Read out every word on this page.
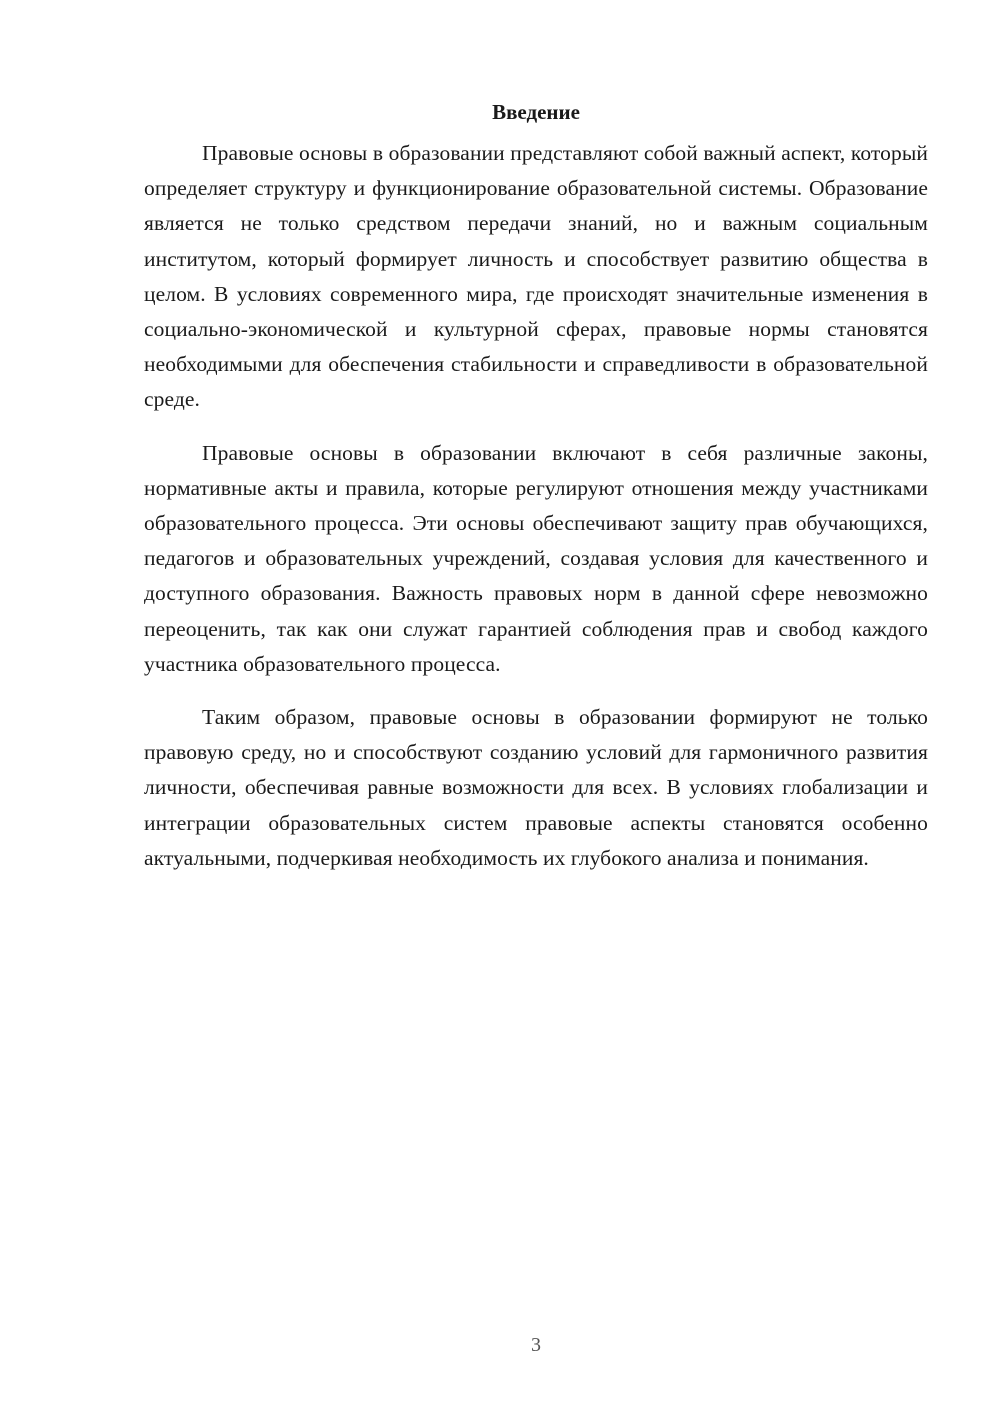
Введение

Правовые основы в образовании представляют собой важный аспект, который определяет структуру и функционирование образовательной системы. Образование является не только средством передачи знаний, но и важным социальным институтом, который формирует личность и способствует развитию общества в целом. В условиях современного мира, где происходят значительные изменения в социально-экономической и культурной сферах, правовые нормы становятся необходимыми для обеспечения стабильности и справедливости в образовательной среде.

Правовые основы в образовании включают в себя различные законы, нормативные акты и правила, которые регулируют отношения между участниками образовательного процесса. Эти основы обеспечивают защиту прав обучающихся, педагогов и образовательных учреждений, создавая условия для качественного и доступного образования. Важность правовых норм в данной сфере невозможно переоценить, так как они служат гарантией соблюдения прав и свобод каждого участника образовательного процесса.

Таким образом, правовые основы в образовании формируют не только правовую среду, но и способствуют созданию условий для гармоничного развития личности, обеспечивая равные возможности для всех. В условиях глобализации и интеграции образовательных систем правовые аспекты становятся особенно актуальными, подчеркивая необходимость их глубокого анализа и понимания.

3
